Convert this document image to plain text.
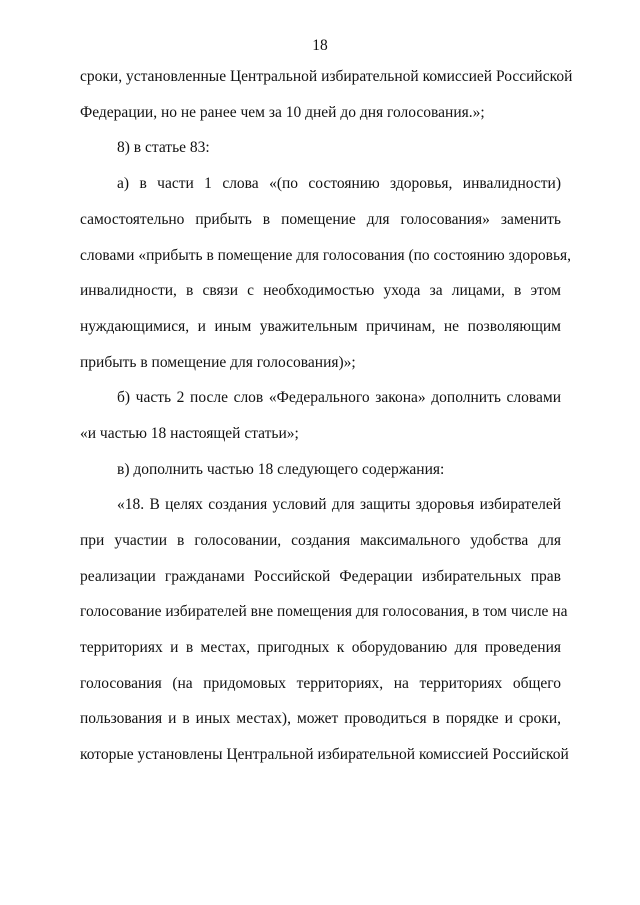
18
сроки, установленные Центральной избирательной комиссией Российской
Федерации, но не ранее чем за 10 дней до дня голосования.»;
8) в статье 83:
а) в части 1 слова «(по состоянию здоровья, инвалидности)
самостоятельно прибыть в помещение для голосования» заменить
словами «прибыть в помещение для голосования (по состоянию здоровья,
инвалидности, в связи с необходимостью ухода за лицами, в этом
нуждающимися, и иным уважительным причинам, не позволяющим
прибыть в помещение для голосования)»;
б) часть 2 после слов «Федерального закона» дополнить словами
«и частью 18 настоящей статьи»;
в) дополнить частью 18 следующего содержания:
«18. В целях создания условий для защиты здоровья избирателей
при участии в голосовании, создания максимального удобства для
реализации гражданами Российской Федерации избирательных прав
голосование избирателей вне помещения для голосования, в том числе на
территориях и в местах, пригодных к оборудованию для проведения
голосования (на придомовых территориях, на территориях общего
пользования и в иных местах), может проводиться в порядке и сроки,
которые установлены Центральной избирательной комиссией Российской
